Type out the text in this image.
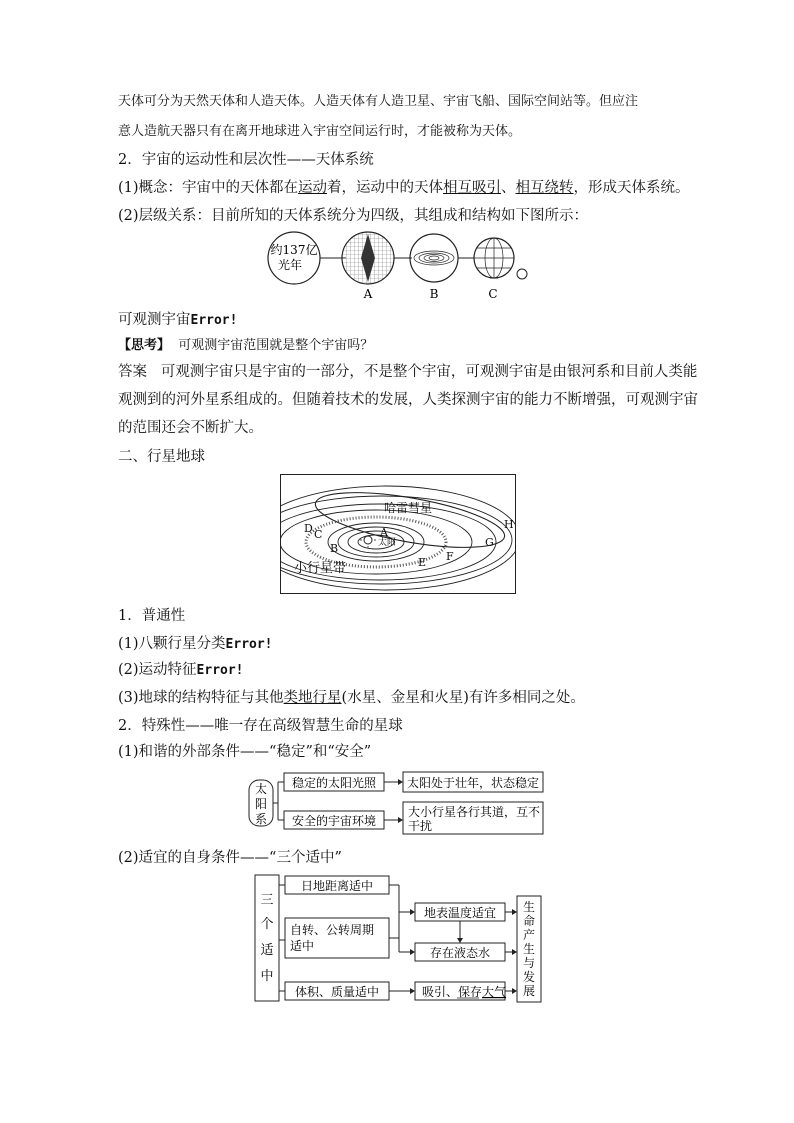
天体可分为天然天体和人造天体。人造天体有人造卫星、宇宙飞船、国际空间站等。但应注
意人造航天器只有在离开地球进入宇宙空间运行时，才能被称为天体。
2．宇宙的运动性和层次性——天体系统
(1)概念：宇宙中的天体都在运动着，运动中的天体相互吸引、相互绕转，形成天体系统。
(2)层级关系：目前所知的天体系统分为四级，其组成和结构如下图所示：
约137亿
光年
A	B	C
可观测宇宙Error!
【思考】 可观测宇宙范围就是整个宇宙吗？
答案 可观测宇宙只是宇宙的一部分，不是整个宇宙，可观测宇宙是由银河系和目前人类能
观测到的河外星系组成的。但随着技术的发展，人类探测宇宙的能力不断增强，可观测宇宙
的范围还会不断扩大。
二、行星地球
太阳
A
B
C
D
E F
G
H
哈雷彗星
小行星带
1．普通性
(1)八颗行星分类Error!
(2)运动特征Error!
(3)地球的结构特征与其他类地行星(水星、金星和火星)有许多相同之处。
2．特殊性——唯一存在高级智慧生命的星球
(1)和谐的外部条件——“稳定”和“安全”
太
阳
系
稳定的太阳光照	太阳处于壮年，状态稳定
安全的宇宙环境
大小行星各行其道，互不
干扰
(2)适宜的自身条件——“三个适中”
三
个
适
中
日地距离适中
自转、公转周期
适中
体积、质量适中
地表温度适宜
存在液态水
吸引、保存大气
生
命
产
生
与
发
展
